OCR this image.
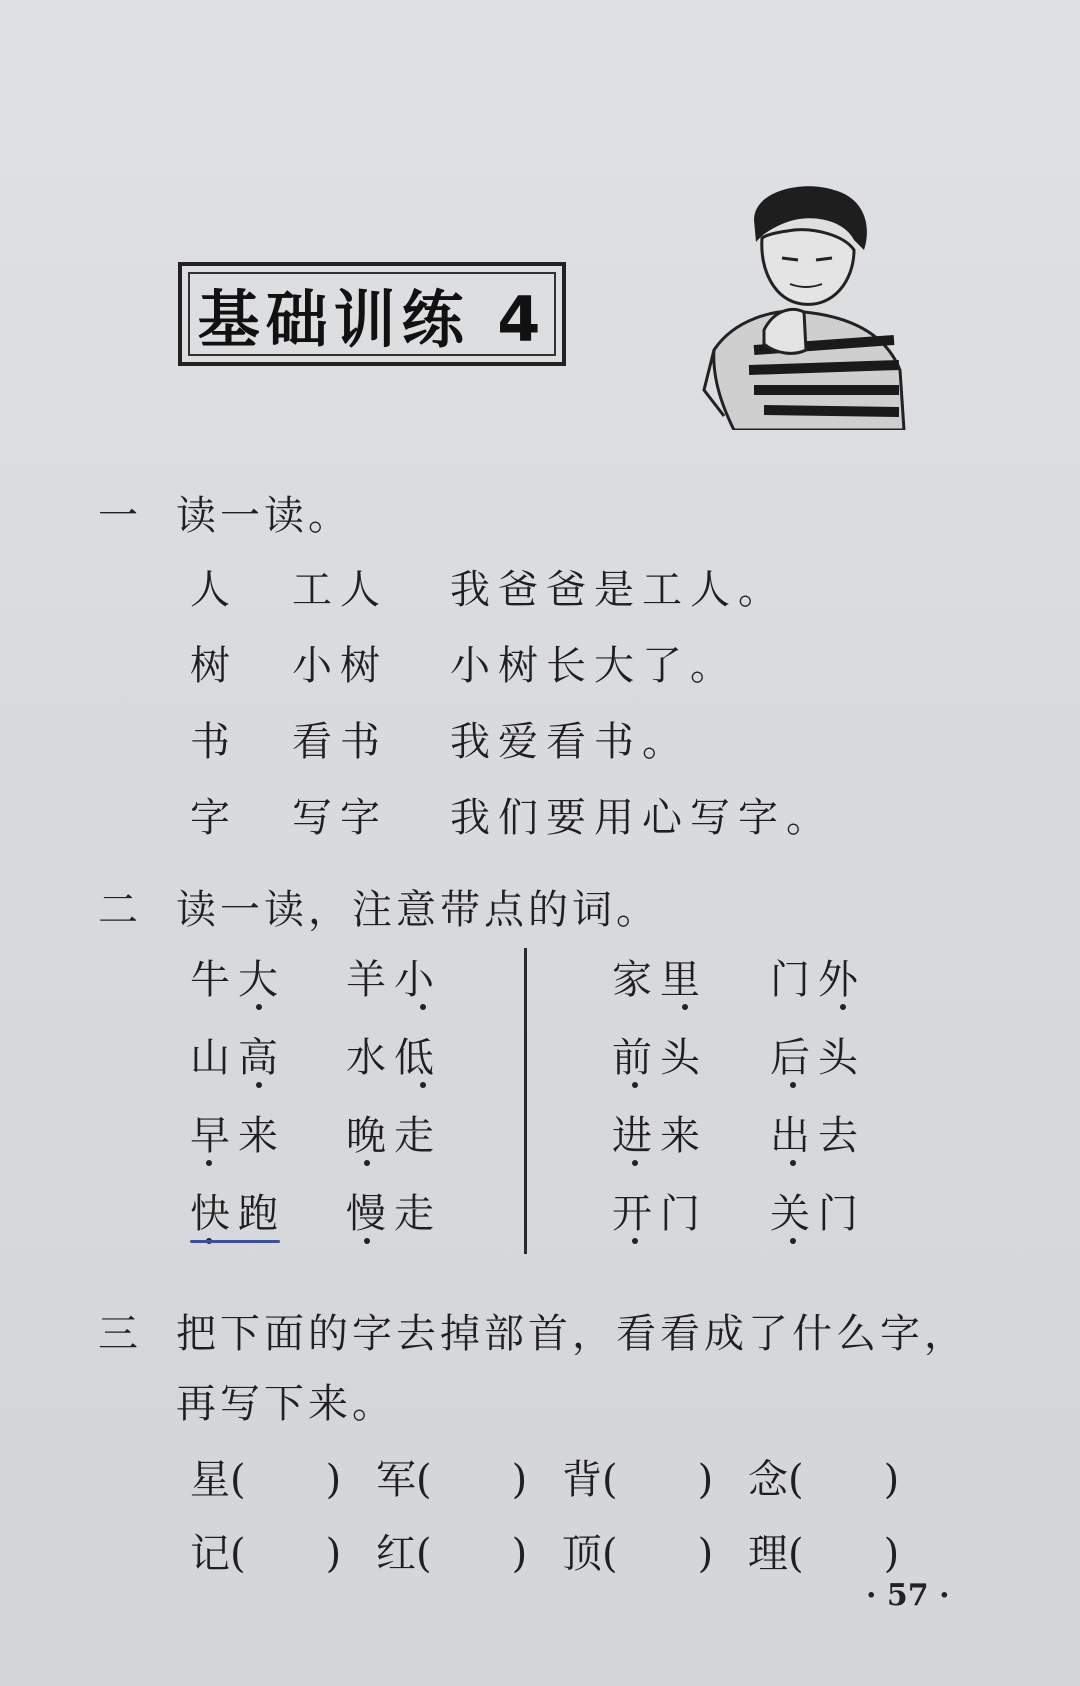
基础训练 4
一 读一读。
人 工人 我爸爸是工人。
树 小树 小树长大了。
书 看书 我爱看书。
字 写字 我们要用心写字。
二 读一读，注意带点的词。
牛大 羊小
山高 水低
早来 晚走
快跑 慢走
家里 门外
前头 后头
进来 出去
开门 关门
三 把下面的字去掉部首，看看成了什么字，
再写下来。
星(　　) 军(　　) 背(　　) 念(　　)
记(　　) 红(　　) 顶(　　) 理(　　)
· 57 ·
